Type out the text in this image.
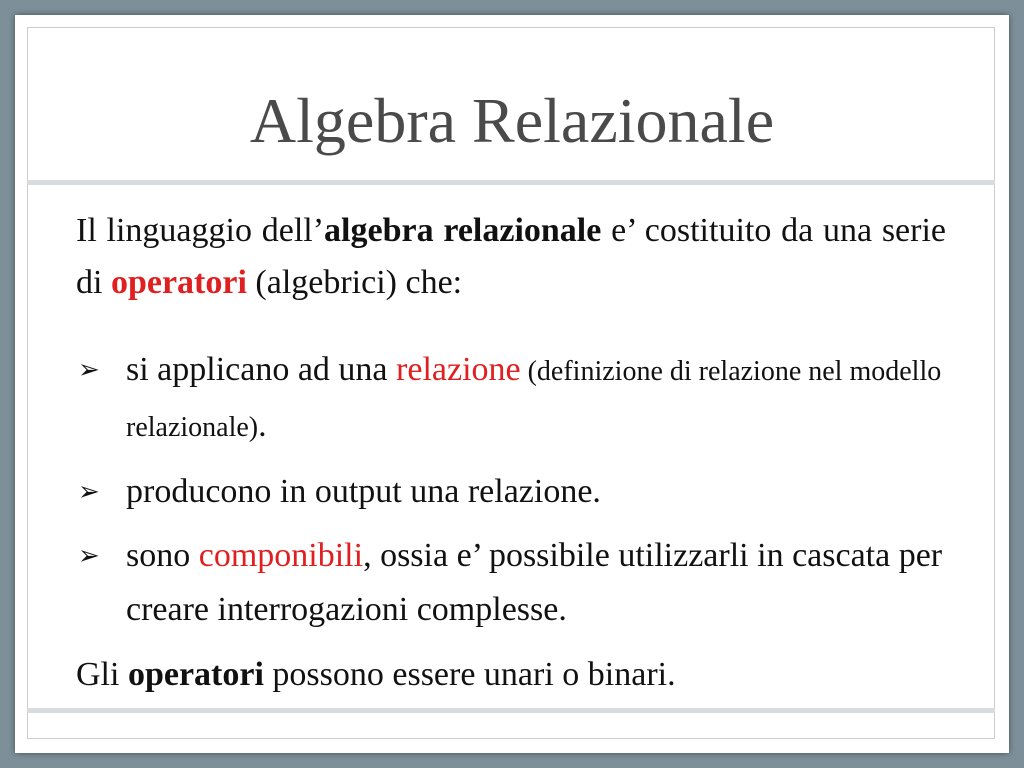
Algebra Relazionale

Il linguaggio dell’algebra relazionale e’ costituito da una serie di operatori (algebrici) che:

➢ si applicano ad una relazione (definizione di relazione nel modello relazionale).
➢ producono in output una relazione.
➢ sono componibili, ossia e’ possibile utilizzarli in cascata per creare interrogazioni complesse.

Gli operatori possono essere unari o binari.
